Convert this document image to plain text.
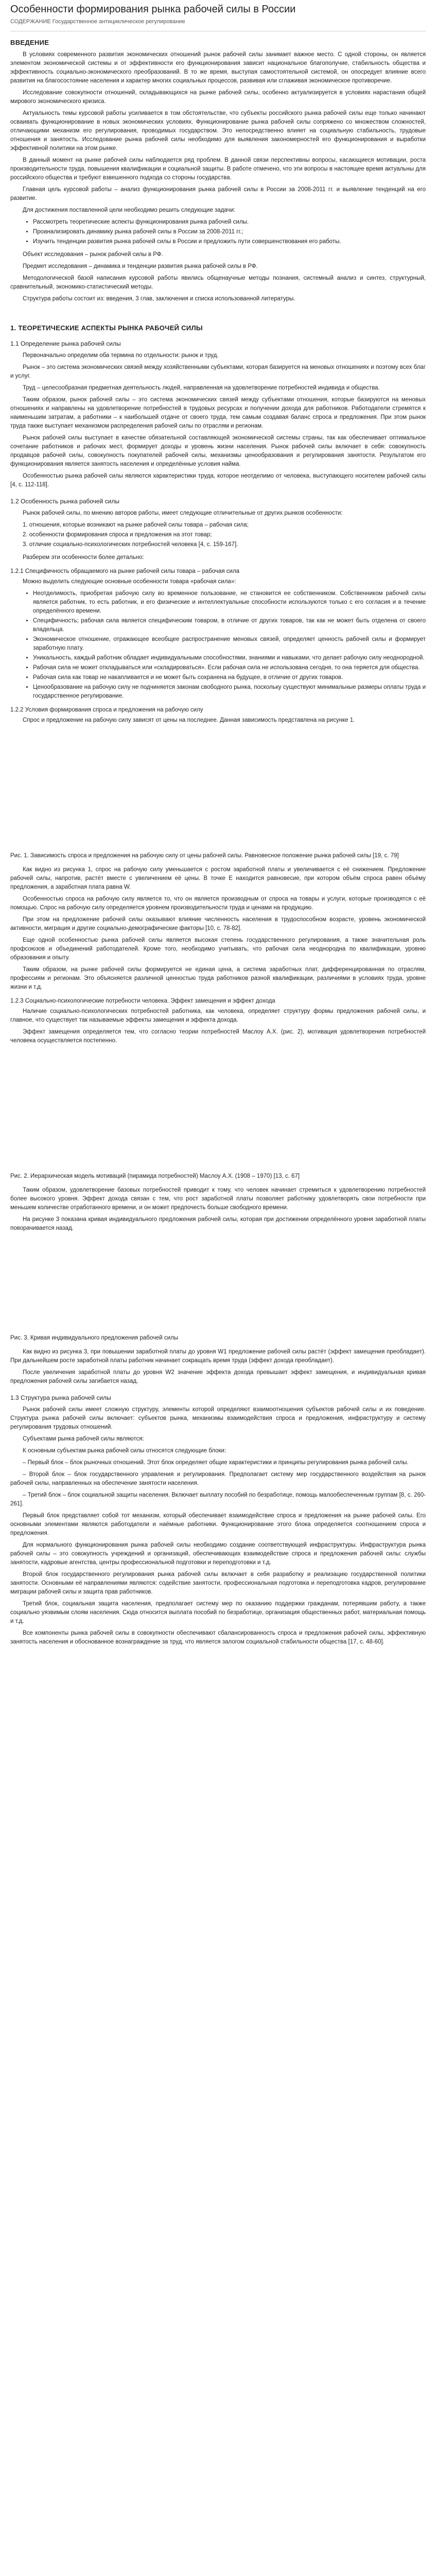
Особенности формирования рынка рабочей силы в России
СОДЕРЖАНИЕ Государственное антициклическое регулирование
ВВЕДЕНИЕ

В условиях современного развития экономических отношений рынок рабочей силы занимает важное место. С одной стороны, он является элементом экономической системы и от эффективности его функционирования зависит национальное благополучие, стабильность общества и эффективность социально-экономического преобразований. В то же время, выступая самостоятельной системой, он опосредует влияние всего развития на благосостояние населения и характер многих социальных процессов, развивая или сглаживая экономическое противоречие.

Исследование совокупности отношений, складывающихся на рынке рабочей силы, особенно актуализируется в условиях нарастания общей мирового экономического кризиса.

Актуальность темы курсовой работы усиливается в том обстоятельстве, что субъекты российского рынка рабочей силы еще только начинают осваивать функционирование в новых экономических условиях. Функционирование рынка рабочей силы сопряжено со множеством сложностей, отличающими механизм его регулирования, проводимых государством. Это непосредственно влияет на социальную стабильность, трудовые отношения и занятость. Исследование рынка рабочей силы необходимо для выявления закономерностей его функционирования и выработки эффективной политики на этом рынке.

В данный момент на рынке рабочей силы наблюдается ряд проблем. В данной связи перспективны вопросы, касающиеся мотивации, роста производительности труда, повышения квалификации и социальной защиты. В работе отмечено, что эти вопросы в настоящее время актуальны для российского общества и требуют взвешенного подхода со стороны государства.

Главная цель курсовой работы – анализ функционирования рынка рабочей силы в России за 2008-2011 гг. и выявление тенденций на его развитие.

Для достижения поставленной цели необходимо решить следующие задачи:

• Рассмотреть теоретические аспекты функционирования рынка рабочей силы.
• Проанализировать динамику рынка рабочей силы в России за 2008-2011 гг.;
• Изучить тенденции развития рынка рабочей силы в России и предложить пути совершенствования его работы.

Объект исследования – рынок рабочей силы в РФ.

Предмет исследования – динамика и тенденции развития рынка рабочей силы в РФ.

Методологической базой написания курсовой работы явились общенаучные методы познания, системный анализ и синтез, структурный, сравнительный, экономико-статистический методы.

Структура работы состоит из: введения, 3 глав, заключения и списка использованной литературы.

1. ТЕОРЕТИЧЕСКИЕ АСПЕКТЫ РЫНКА РАБОЧЕЙ СИЛЫ
1.1 Определение рынка рабочей силы

Первоначально определим оба термина по отдельности: рынок и труд.

Рынок – это система экономических связей между хозяйственными субъектами, которая базируется на меновых отношениях и поэтому всех благ и услуг.

Труд – целесообразная предметная деятельность людей, направленная на удовлетворение потребностей индивида и общества.

Таким образом, рынок рабочей силы – это система экономических связей между субъектами отношения, которые базируются на меновых отношениях и направлены на удовлетворение потребностей в трудовых ресурсах и получении дохода для работников. Работодатели стремятся к наименьшим затратам, а работники – к наибольшей отдаче от своего труда, тем самым создавая баланс спроса и предложения. При этом рынок труда также выступает механизмом распределения рабочей силы по отраслям и регионам.

Рынок рабочей силы выступает в качестве обязательной составляющей экономической системы страны, так как обеспечивает оптимальное сочетание работников и рабочих мест, формирует доходы и уровень жизни населения. Рынок рабочей силы включает в себя: совокупность продавцов рабочей силы, совокупность покупателей рабочей силы, механизмы ценообразования и регулирования занятости. Результатом его функционирования является занятость населения и определённые условия найма.

Особенностью рынка рабочей силы являются характеристики труда, которое неотделимо от человека, выступающего носителем рабочей силы [4, с. 112-118].

1.2 Особенность рынка рабочей силы

Рынок рабочей силы, по мнению авторов работы, имеет следующие отличительные от других рынков особенности:

1. отношения, которые возникают на рынке рабочей силы товара – рабочая сила;
2. особенности формирования спроса и предложения на этот товар;
3. отличие социально-психологических потребностей человека [4, с. 159-167].

Разберем эти особенности более детально:

1.2.1 Специфичность обращаемого на рынке рабочей силы товара – рабочая сила

Можно выделить следующие основные особенности товара «рабочая сила»:

• Неотделимость, приобретая рабочую силу во временное пользование, не становится ее собственником. Собственником рабочей силы является работник, то есть работник, и его физические и интеллектуальные способности используются только с его согласия и в течение определённого времени.
• Специфичность; рабочая сила является специфическим товаром, в отличие от других товаров, так как не может быть отделена от своего владельца.
• Экономическое отношение, отражающее всеобщее распространение меновых связей, определяет ценность рабочей силы и формирует заработную плату.
• Уникальность, каждый работник обладает индивидуальными способностями, знаниями и навыками, что делает рабочую силу неоднородной.
• Рабочая сила не может откладываться или «складироваться». Если рабочая сила не использована сегодня, то она теряется для общества.
• Рабочая сила как товар не накапливается и не может быть сохранена на будущее, в отличие от других товаров.
• Ценообразование на рабочую силу не подчиняется законам свободного рынка, поскольку существуют минимальные размеры оплаты труда и государственное регулирование.
1.2.2 Условия формирования спроса и предложения на рабочую силу

Спрос и предложение на рабочую силу зависят от цены на последнее. Данная зависимость представлена на рисунке 1.

Рис. 1. Зависимость спроса и предложения на рабочую силу от цены рабочей силы. Равновесное положение рынка рабочей силы [19, с. 79]

Как видно из рисунка 1, спрос на рабочую силу уменьшается с ростом заработной платы и увеличивается с её снижением. Предложение рабочей силы, напротив, растёт вместе с увеличением её цены. В точке E находится равновесие, при котором объём спроса равен объёму предложения, а заработная плата равна W.

Особенностью спроса на рабочую силу является то, что он является производным от спроса на товары и услуги, которые производятся с её помощью. Спрос на рабочую силу определяется уровнем производительности труда и ценами на продукцию.

При этом на предложение рабочей силы оказывают влияние численность населения в трудоспособном возрасте, уровень экономической активности, миграция и другие социально-демографические факторы [10, с. 78-82].

Еще одной особенностью рынка рабочей силы является высокая степень государственного регулирования, а также значительная роль профсоюзов и объединений работодателей. Кроме того, необходимо учитывать, что рабочая сила неоднородна по квалификации, уровню образования и опыту.

Таким образом, на рынке рабочей силы формируется не единая цена, а система заработных плат, дифференцированная по отраслям, профессиям и регионам. Это объясняется различной ценностью труда работников разной квалификации, различиями в условиях труда, уровне жизни и т.д.

1.2.3 Социально-психологические потребности человека. Эффект замещения и эффект дохода

Наличие социально-психологических потребностей работника, как человека, определяет структуру формы предложения рабочей силы, и главное, что существует так называемые эффекты замещения и эффекта дохода.

Эффект замещения определяется тем, что согласно теории потребностей Маслоу А.Х. (рис. 2), мотивация удовлетворения потребностей человека осуществляется постепенно.

Рис. 2. Иерархическая модель мотиваций (пирамида потребностей) Маслоу А.Х. (1908 – 1970) [13, с. 67]

Таким образом, удовлетворение базовых потребностей приводит к тому, что человек начинает стремиться к удовлетворению потребностей более высокого уровня. Эффект дохода связан с тем, что рост заработной платы позволяет работнику удовлетворять свои потребности при меньшем количестве отработанного времени, и он может предпочесть больше свободного времени.

На рисунке 3 показана кривая индивидуального предложения рабочей силы, которая при достижении определённого уровня заработной платы поворачивается назад.

Рис. 3. Кривая индивидуального предложения рабочей силы

Как видно из рисунка 3, при повышении заработной платы до уровня W1 предложение рабочей силы растёт (эффект замещения преобладает). При дальнейшем росте заработной платы работник начинает сокращать время труда (эффект дохода преобладает).

После увеличения заработной платы до уровня W2 значение эффекта дохода превышает эффект замещения, и индивидуальная кривая предложения рабочей силы загибается назад.

1.3 Структура рынка рабочей силы

Рынок рабочей силы имеет сложную структуру, элементы которой определяют взаимоотношения субъектов рабочей силы и их поведение. Структура рынка рабочей силы включает: субъектов рынка, механизмы взаимодействия спроса и предложения, инфраструктуру и систему регулирования трудовых отношений.

Субъектами рынка рабочей силы являются:

К основным субъектам рынка рабочей силы относятся следующие блоки:

– Первый блок – блок рыночных отношений. Этот блок определяет общие характеристики и принципы регулирования рынка рабочей силы.

– Второй блок – блок государственного управления и регулирования. Предполагает систему мер государственного воздействия на рынок рабочей силы, направленных на обеспечение занятости населения.

– Третий блок – блок социальной защиты населения. Включает выплату пособий по безработице, помощь малообеспеченным группам [8, с. 260-261].

Первый блок представляет собой тот механизм, который обеспечивает взаимодействие спроса и предложения на рынке рабочей силы. Его основными элементами являются работодатели и наёмные работники. Функционирование этого блока определяется соотношением спроса и предложения.

Для нормального функционирования рынка рабочей силы необходимо создание соответствующей инфраструктуры. Инфраструктура рынка рабочей силы – это совокупность учреждений и организаций, обеспечивающих взаимодействие спроса и предложения рабочей силы: службы занятости, кадровые агентства, центры профессиональной подготовки и переподготовки и т.д.

Второй блок государственного регулирования рынка рабочей силы включает в себя разработку и реализацию государственной политики занятости. Основными её направлениями являются: содействие занятости, профессиональная подготовка и переподготовка кадров, регулирование миграции рабочей силы и защита прав работников.

Третий блок, социальная защита населения, предполагает систему мер по оказанию поддержки гражданам, потерявшим работу, а также социально уязвимым слоям населения. Сюда относится выплата пособий по безработице, организация общественных работ, материальная помощь и т.д.

Все компоненты рынка рабочей силы в совокупности обеспечивают сбалансированность спроса и предложения рабочей силы, эффективную занятость населения и обоснованное вознаграждение за труд, что является залогом социальной стабильности общества [17, с. 48-60].
